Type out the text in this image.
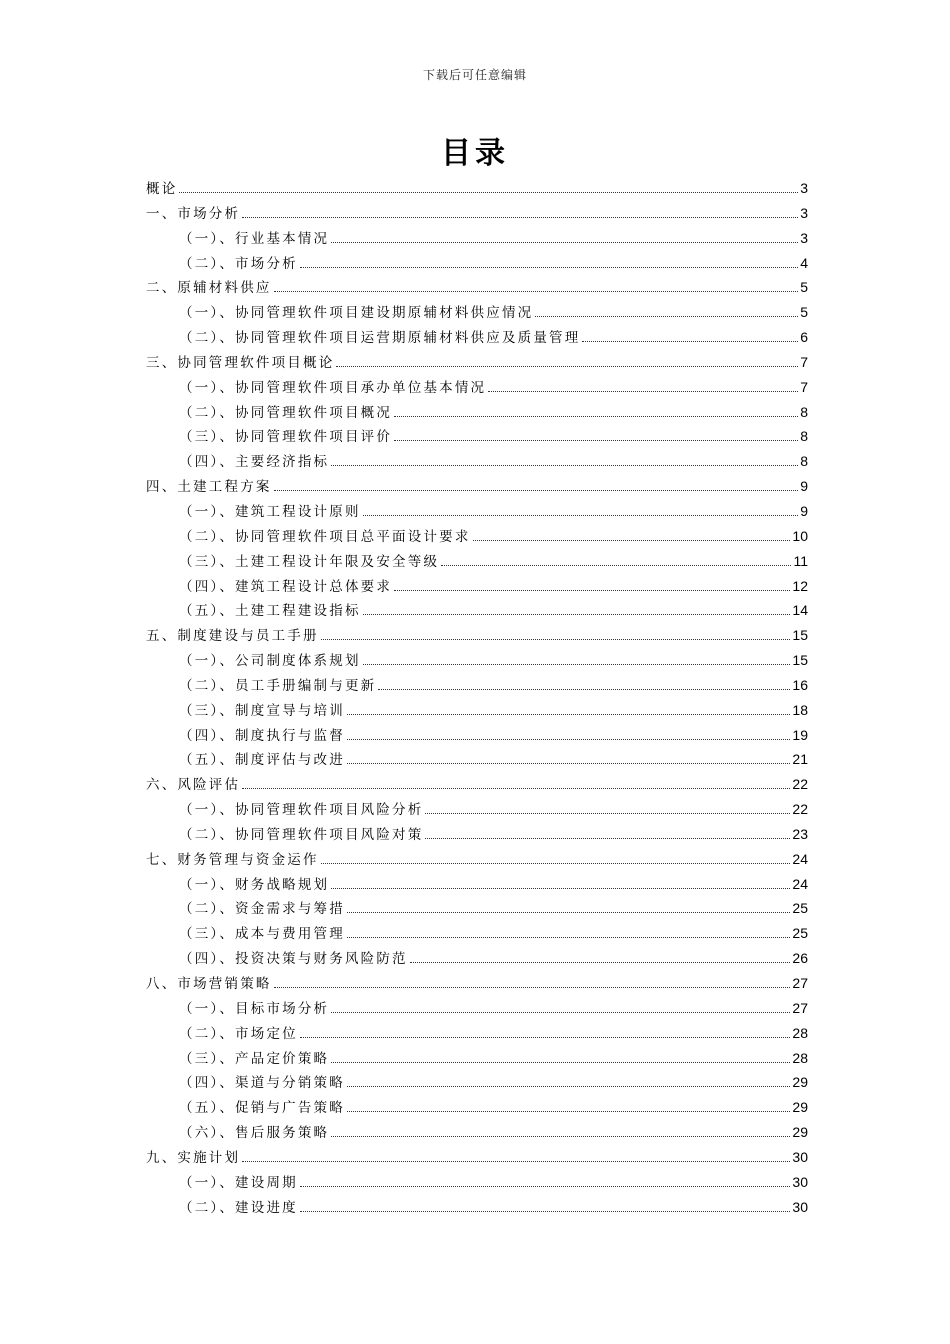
下载后可任意编辑
目录
概论	3
一、市场分析	3
（一）、行业基本情况	3
（二）、市场分析	4
二、原辅材料供应	5
（一）、协同管理软件项目建设期原辅材料供应情况	5
（二）、协同管理软件项目运营期原辅材料供应及质量管理	6
三、协同管理软件项目概论	7
（一）、协同管理软件项目承办单位基本情况	7
（二）、协同管理软件项目概况	8
（三）、协同管理软件项目评价	8
（四）、主要经济指标	8
四、土建工程方案	9
（一）、建筑工程设计原则	9
（二）、协同管理软件项目总平面设计要求	10
（三）、土建工程设计年限及安全等级	11
（四）、建筑工程设计总体要求	12
（五）、土建工程建设指标	14
五、制度建设与员工手册	15
（一）、公司制度体系规划	15
（二）、员工手册编制与更新	16
（三）、制度宣导与培训	18
（四）、制度执行与监督	19
（五）、制度评估与改进	21
六、风险评估	22
（一）、协同管理软件项目风险分析	22
（二）、协同管理软件项目风险对策	23
七、财务管理与资金运作	24
（一）、财务战略规划	24
（二）、资金需求与筹措	25
（三）、成本与费用管理	25
（四）、投资决策与财务风险防范	26
八、市场营销策略	27
（一）、目标市场分析	27
（二）、市场定位	28
（三）、产品定价策略	28
（四）、渠道与分销策略	29
（五）、促销与广告策略	29
（六）、售后服务策略	29
九、实施计划	30
（一）、建设周期	30
（二）、建设进度	30
